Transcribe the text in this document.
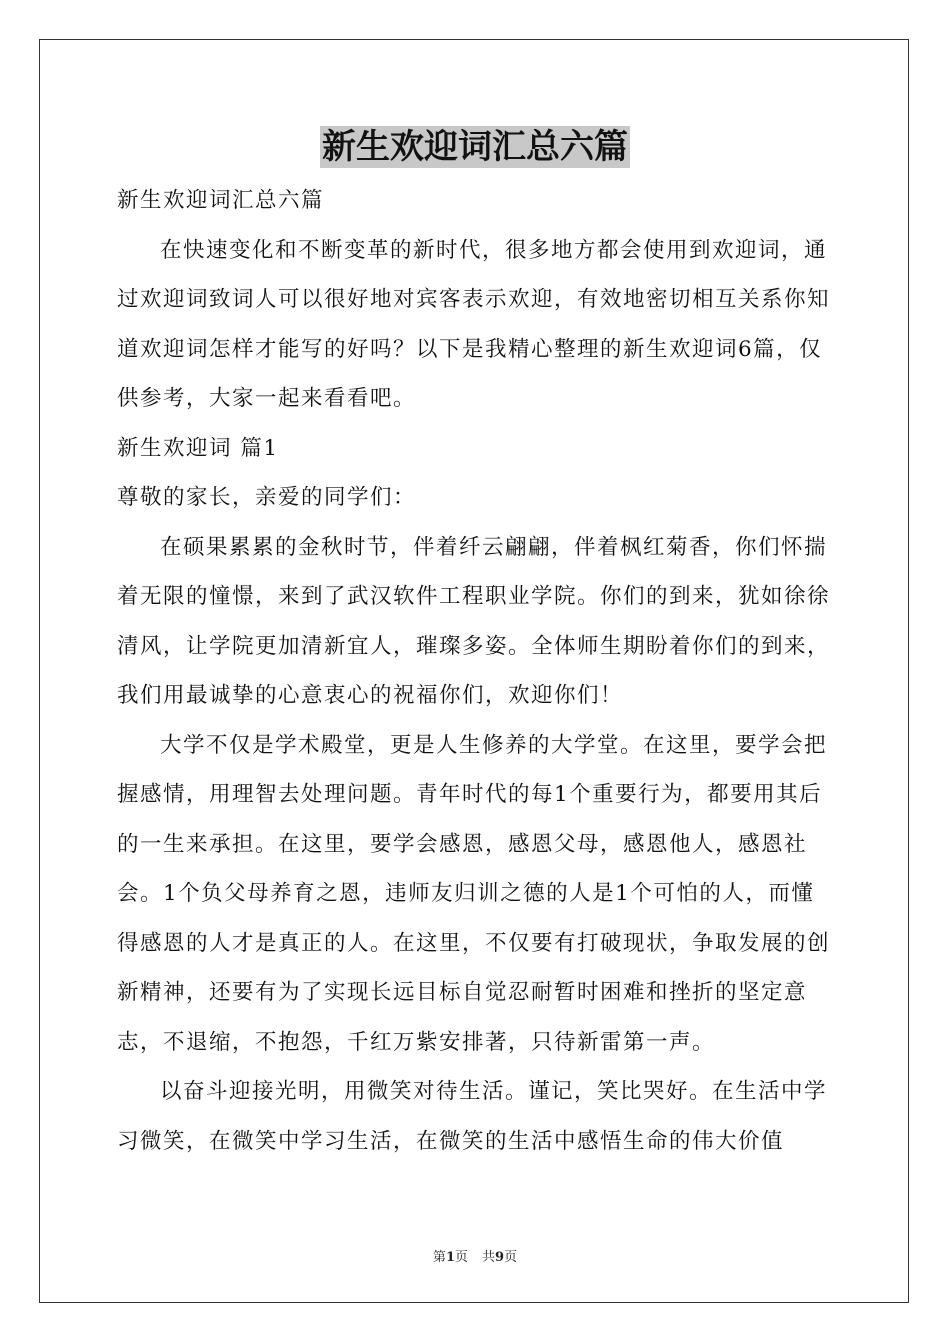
新生欢迎词汇总六篇

新生欢迎词汇总六篇

在快速变化和不断变革的新时代，很多地方都会使用到欢迎词，通过欢迎词致词人可以很好地对宾客表示欢迎，有效地密切相互关系你知道欢迎词怎样才能写的好吗？以下是我精心整理的新生欢迎词6篇，仅供参考，大家一起来看看吧。

新生欢迎词 篇1

尊敬的家长，亲爱的同学们：

在硕果累累的金秋时节，伴着纤云翩翩，伴着枫红菊香，你们怀揣着无限的憧憬，来到了武汉软件工程职业学院。你们的到来，犹如徐徐清风，让学院更加清新宜人，璀璨多姿。全体师生期盼着你们的到来，我们用最诚挚的心意衷心的祝福你们，欢迎你们！

大学不仅是学术殿堂，更是人生修养的大学堂。在这里，要学会把握感情，用理智去处理问题。青年时代的每1个重要行为，都要用其后的一生来承担。在这里，要学会感恩，感恩父母，感恩他人，感恩社会。1个负父母养育之恩，违师友归训之德的人是1个可怕的人，而懂得感恩的人才是真正的人。在这里，不仅要有打破现状，争取发展的创新精神，还要有为了实现长远目标自觉忍耐暂时困难和挫折的坚定意志，不退缩，不抱怨，千红万紫安排著，只待新雷第一声。

以奋斗迎接光明，用微笑对待生活。谨记，笑比哭好。在生活中学习微笑，在微笑中学习生活，在微笑的生活中感悟生命的伟大价值

第1页 共9页
